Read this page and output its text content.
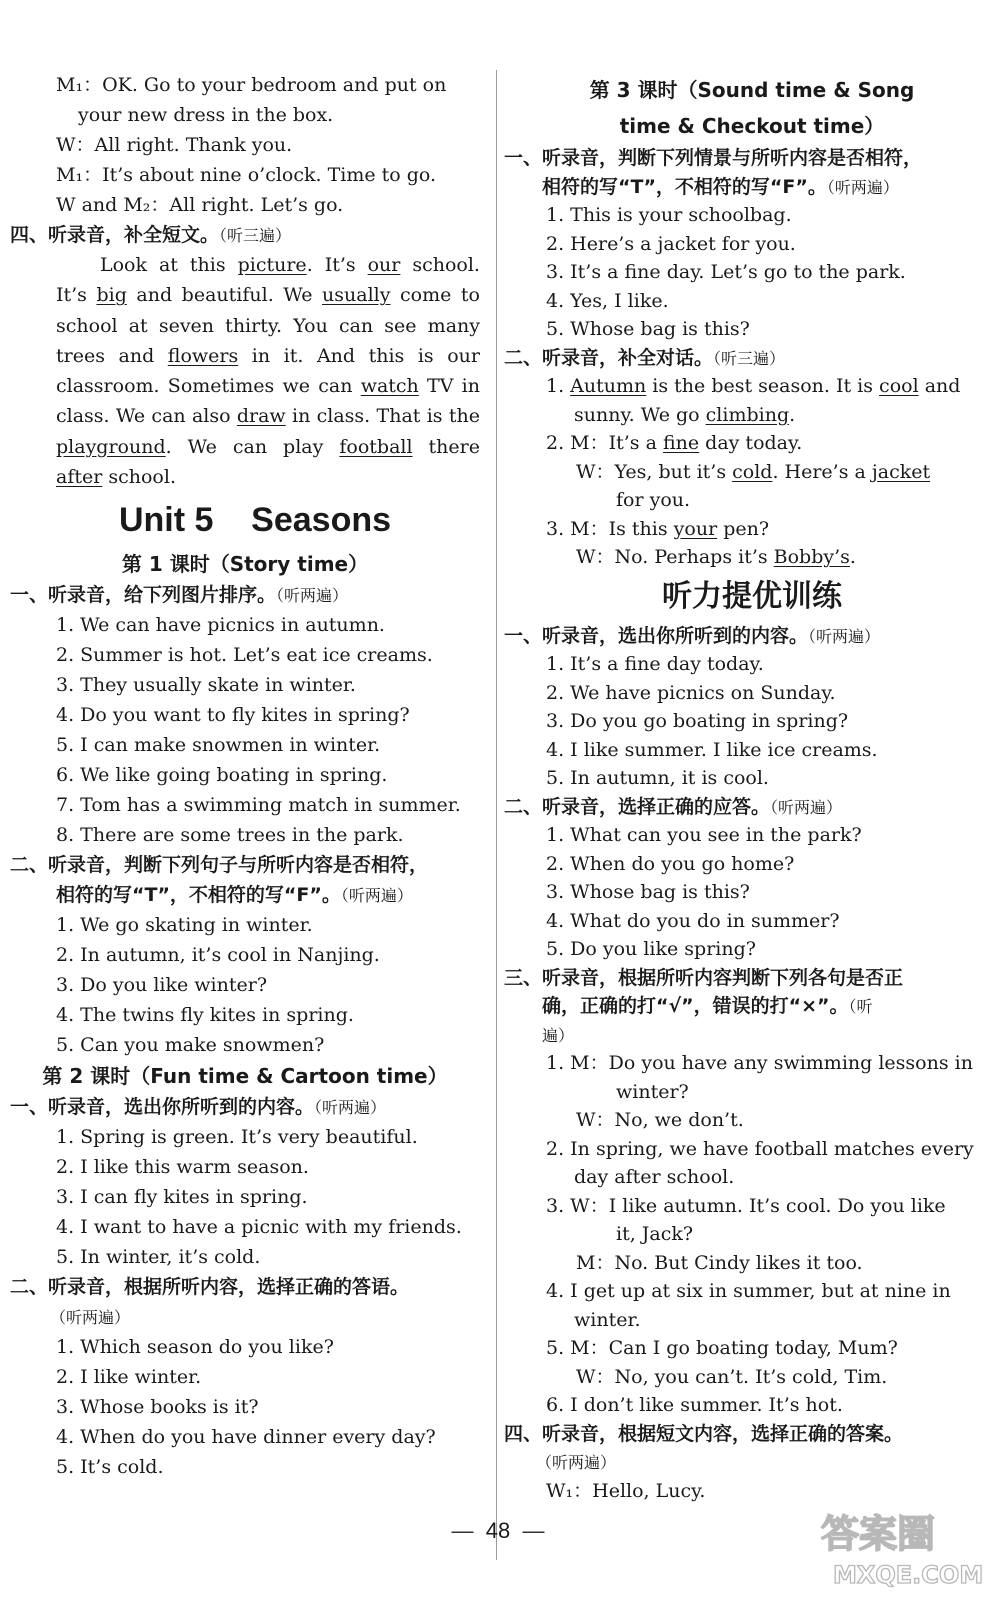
M₁：OK. Go to your bedroom and put on
your new dress in the box.
W：All right. Thank you.
M₁：It’s about nine o’clock. Time to go.
W and M₂：All right. Let’s go.
四、听录音，补全短文。（听三遍）
Look at this picture. It’s our school. It’s big and beautiful. We usually come to school at seven thirty. You can see many trees and flowers in it. And this is our classroom. Sometimes we can watch TV in class. We can also draw in class. That is the playground. We can play football there after school.
Unit 5    Seasons
第 1 课时（Story time）
一、听录音，给下列图片排序。（听两遍）
1. We can have picnics in autumn.
2. Summer is hot. Let’s eat ice creams.
3. They usually skate in winter.
4. Do you want to fly kites in spring?
5. I can make snowmen in winter.
6. We like going boating in spring.
7. Tom has a swimming match in summer.
8. There are some trees in the park.
二、听录音，判断下列句子与所听内容是否相符，
相符的写“T”，不相符的写“F”。（听两遍）
1. We go skating in winter.
2. In autumn, it’s cool in Nanjing.
3. Do you like winter?
4. The twins fly kites in spring.
5. Can you make snowmen?
第 2 课时（Fun time & Cartoon time）
一、听录音，选出你所听到的内容。（听两遍）
1. Spring is green. It’s very beautiful.
2. I like this warm season.
3. I can fly kites in spring.
4. I want to have a picnic with my friends.
5. In winter, it’s cold.
二、听录音，根据所听内容，选择正确的答语。
（听两遍）
1. Which season do you like?
2. I like winter.
3. Whose books is it?
4. When do you have dinner every day?
5. It’s cold.
第 3 课时（Sound time & Song
time & Checkout time）
一、听录音，判断下列情景与所听内容是否相符，
相符的写“T”，不相符的写“F”。（听两遍）
1. This is your schoolbag.
2. Here’s a jacket for you.
3. It’s a fine day. Let’s go to the park.
4. Yes, I like.
5. Whose bag is this?
二、听录音，补全对话。（听三遍）
1. Autumn is the best season. It is cool and
sunny. We go climbing.
2. M：It’s a fine day today.
W：Yes, but it’s cold. Here’s a jacket
for you.
3. M：Is this your pen?
W：No. Perhaps it’s Bobby’s.
听力提优训练
一、听录音，选出你所听到的内容。（听两遍）
1. It’s a fine day today.
2. We have picnics on Sunday.
3. Do you go boating in spring?
4. I like summer. I like ice creams.
5. In autumn, it is cool.
二、听录音，选择正确的应答。（听两遍）
1. What can you see in the park?
2. When do you go home?
3. Whose bag is this?
4. What do you do in summer?
5. Do you like spring?
三、听录音，根据所听内容判断下列各句是否正
确，正确的打“√”，错误的打“×”。（听
遍）
1. M：Do you have any swimming lessons in
winter?
W：No, we don’t.
2. In spring, we have football matches every
day after school.
3. W：I like autumn. It’s cool. Do you like
it, Jack?
M：No. But Cindy likes it too.
4. I get up at six in summer, but at nine in
winter.
5. M：Can I go boating today, Mum?
W：No, you can’t. It’s cold, Tim.
6. I don’t like summer. It’s hot.
四、听录音，根据短文内容，选择正确的答案。
（听两遍）
W₁：Hello, Lucy.
—  48  —	答案圈
MXQE.COM
